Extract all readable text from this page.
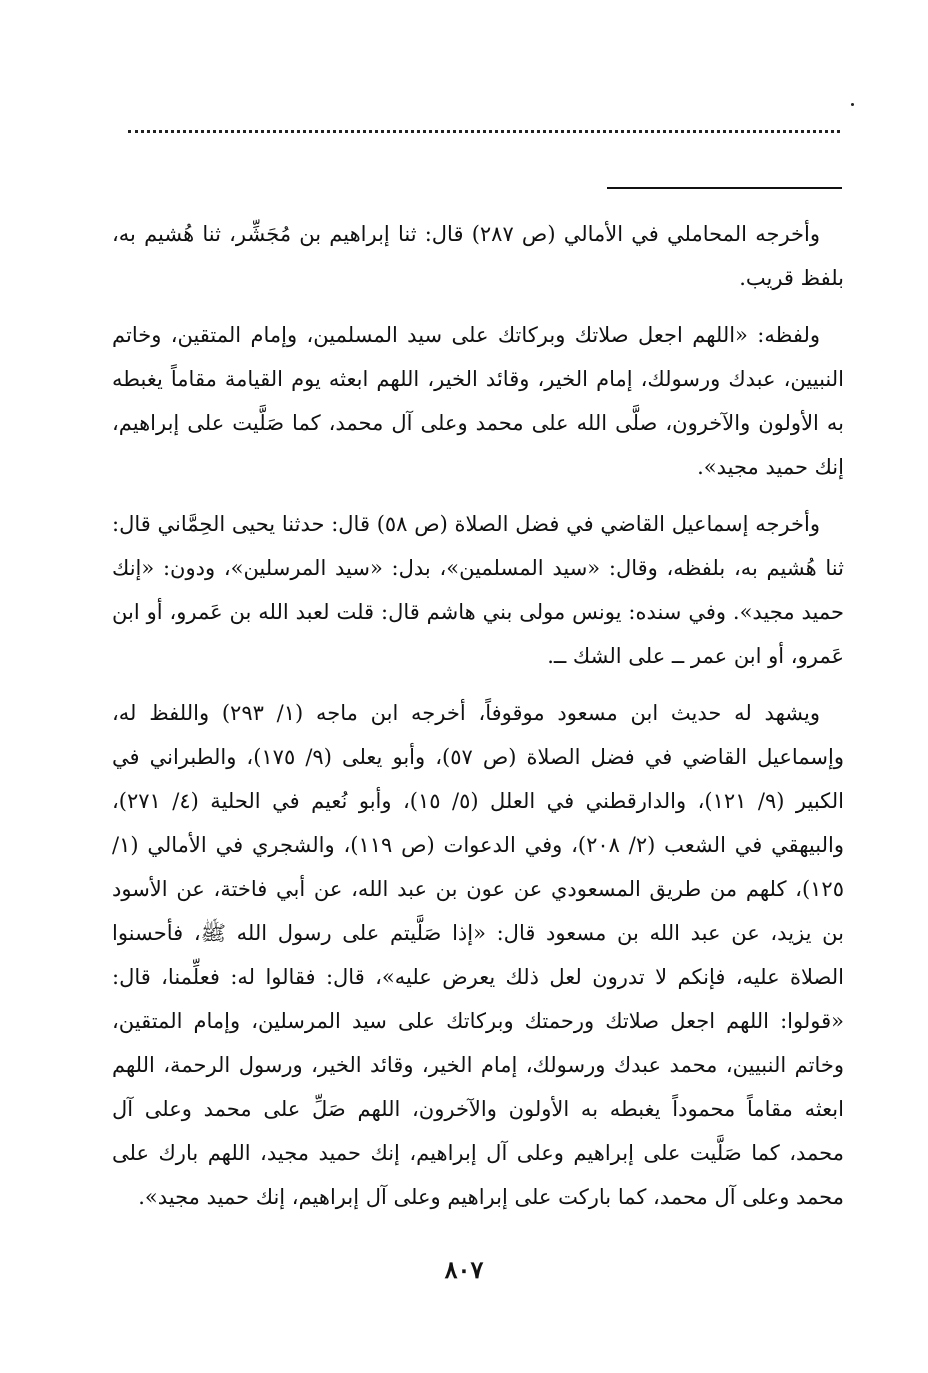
وأخرجه المحاملي في الأمالي (ص ٢٨٧) قال: ثنا إبراهيم بن مُجَشِّر، ثنا هُشيم به، بلفظ قريب.

ولفظه: «اللهم اجعل صلاتك وبركاتك على سيد المسلمين، وإمام المتقين، وخاتم النبيين، عبدك ورسولك، إمام الخير، وقائد الخير، اللهم ابعثه يوم القيامة مقاماً يغبطه به الأولون والآخرون، صلَّى الله على محمد وعلى آل محمد، كما صَلَّيت على إبراهيم، إنك حميد مجيد».

وأخرجه إسماعيل القاضي في فضل الصلاة (ص ٥٨) قال: حدثنا يحيى الحِمَّاني قال: ثنا هُشيم به، بلفظه، وقال: «سيد المسلمين»، بدل: «سيد المرسلين»، ودون: «إنك حميد مجيد». وفي سنده: يونس مولى بني هاشم قال: قلت لعبد الله بن عَمرو، أو ابن عَمرو، أو ابن عمر ــ على الشك ــ.

ويشهد له حديث ابن مسعود موقوفاً، أخرجه ابن ماجه (١/ ٢٩٣) واللفظ له، وإسماعيل القاضي في فضل الصلاة (ص ٥٧)، وأبو يعلى (٩/ ١٧٥)، والطبراني في الكبير (٩/ ١٢١)، والدارقطني في العلل (٥/ ١٥)، وأبو نُعيم في الحلية (٤/ ٢٧١)، والبيهقي في الشعب (٢/ ٢٠٨)، وفي الدعوات (ص ١١٩)، والشجري في الأمالي (١/ ١٢٥)، كلهم من طريق المسعودي عن عون بن عبد الله، عن أبي فاختة، عن الأسود بن يزيد، عن عبد الله بن مسعود قال: «إذا صَلَّيتم على رسول الله ﷺ، فأحسنوا الصلاة عليه، فإنكم لا تدرون لعل ذلك يعرض عليه»، قال: فقالوا له: فعلِّمنا، قال: «قولوا: اللهم اجعل صلاتك ورحمتك وبركاتك على سيد المرسلين، وإمام المتقين، وخاتم النبيين، محمد عبدك ورسولك، إمام الخير، وقائد الخير، ورسول الرحمة، اللهم ابعثه مقاماً محموداً يغبطه به الأولون والآخرون، اللهم صَلِّ على محمد وعلى آل محمد، كما صَلَّيت على إبراهيم وعلى آل إبراهيم، إنك حميد مجيد، اللهم بارك على محمد وعلى آل محمد، كما باركت على إبراهيم وعلى آل إبراهيم، إنك حميد مجيد».

٨٠٧
